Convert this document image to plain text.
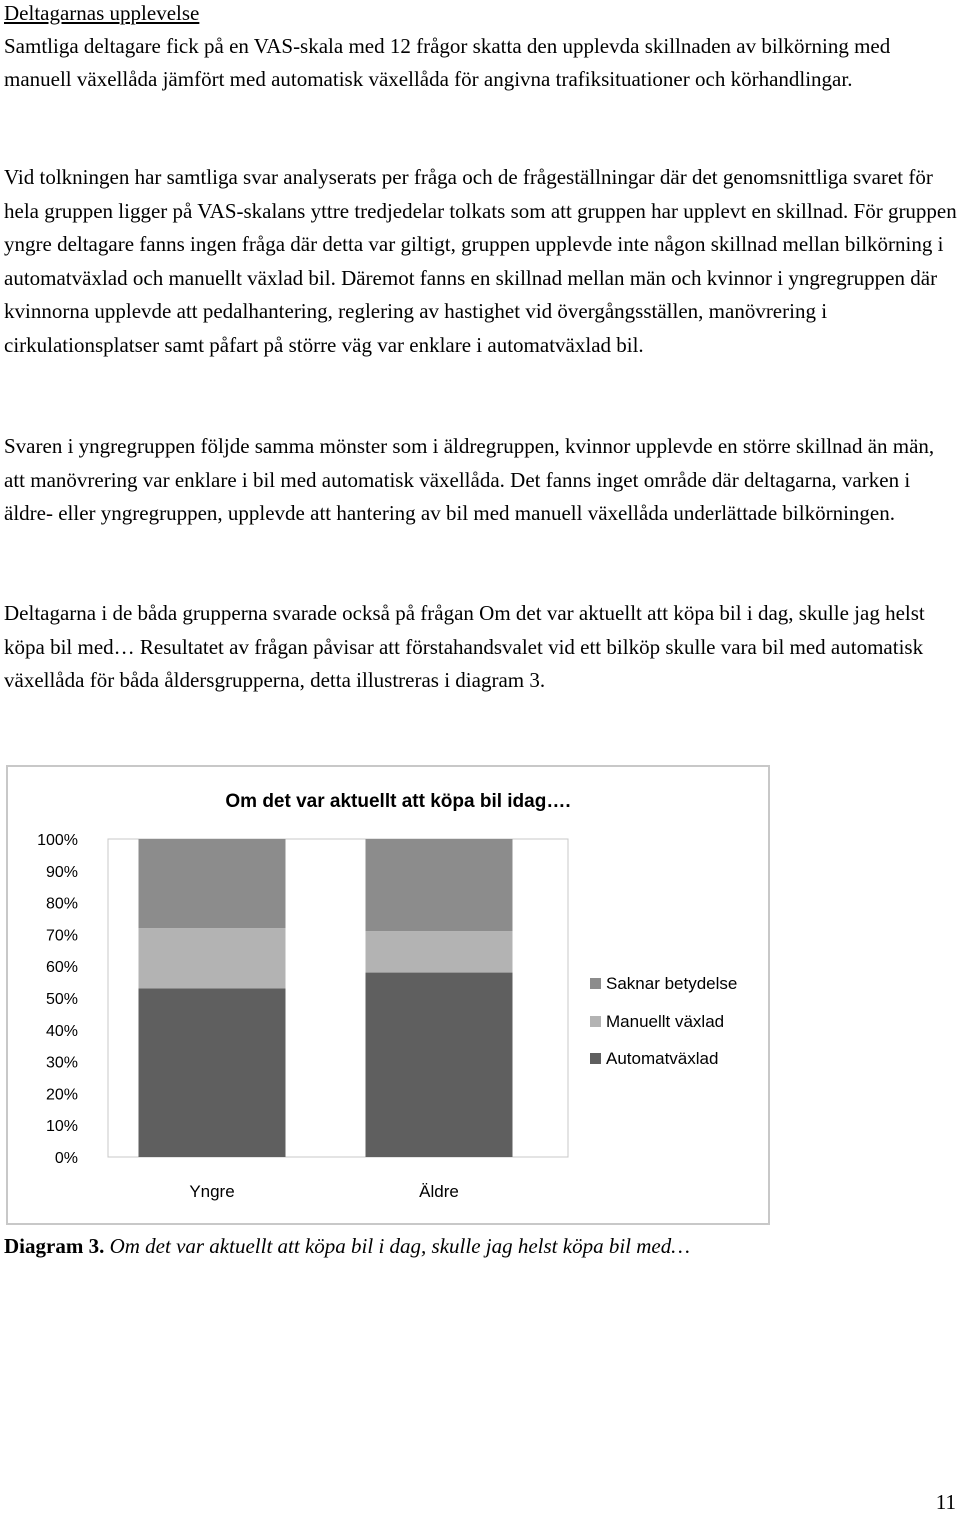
Deltagarnas upplevelse

Samtliga deltagare fick på en VAS-skala med 12 frågor skatta den upplevda skillnaden av bilkörning med manuell växellåda jämfört med automatisk växellåda för angivna trafiksituationer och körhandlingar.

Vid tolkningen har samtliga svar analyserats per fråga och de frågeställningar där det genomsnittliga svaret för hela gruppen ligger på VAS-skalans yttre tredjedelar tolkats som att gruppen har upplevt en skillnad. För gruppen yngre deltagare fanns ingen fråga där detta var giltigt, gruppen upplevde inte någon skillnad mellan bilkörning i automatväxlad och manuellt växlad bil. Däremot fanns en skillnad mellan män och kvinnor i yngregruppen där kvinnorna upplevde att pedalhantering, reglering av hastighet vid övergångsställen, manövrering i cirkulationsplatser samt påfart på större väg var enklare i automatväxlad bil.

Svaren i yngregruppen följde samma mönster som i äldregruppen, kvinnor upplevde en större skillnad än män, att manövrering var enklare i bil med automatisk växellåda. Det fanns inget område där deltagarna, varken i äldre- eller yngregruppen, upplevde att hantering av bil med manuell växellåda underlättade bilkörningen.

Deltagarna i de båda grupperna svarade också på frågan Om det var aktuellt att köpa bil i dag, skulle jag helst köpa bil med… Resultatet av frågan påvisar att förstahandsvalet vid ett bilköp skulle vara bil med automatisk växellåda för båda åldersgrupperna, detta illustreras i diagram 3.

Om det var aktuellt att köpa bil idag….
0%
10%
20%
30%
40%
50%
60%
70%
80%
90%
100%
Yngre	Äldre
Saknar betydelse
Manuellt växlad
Automatväxlad
Diagram 3. Om det var aktuellt att köpa bil i dag, skulle jag helst köpa bil med…
11
